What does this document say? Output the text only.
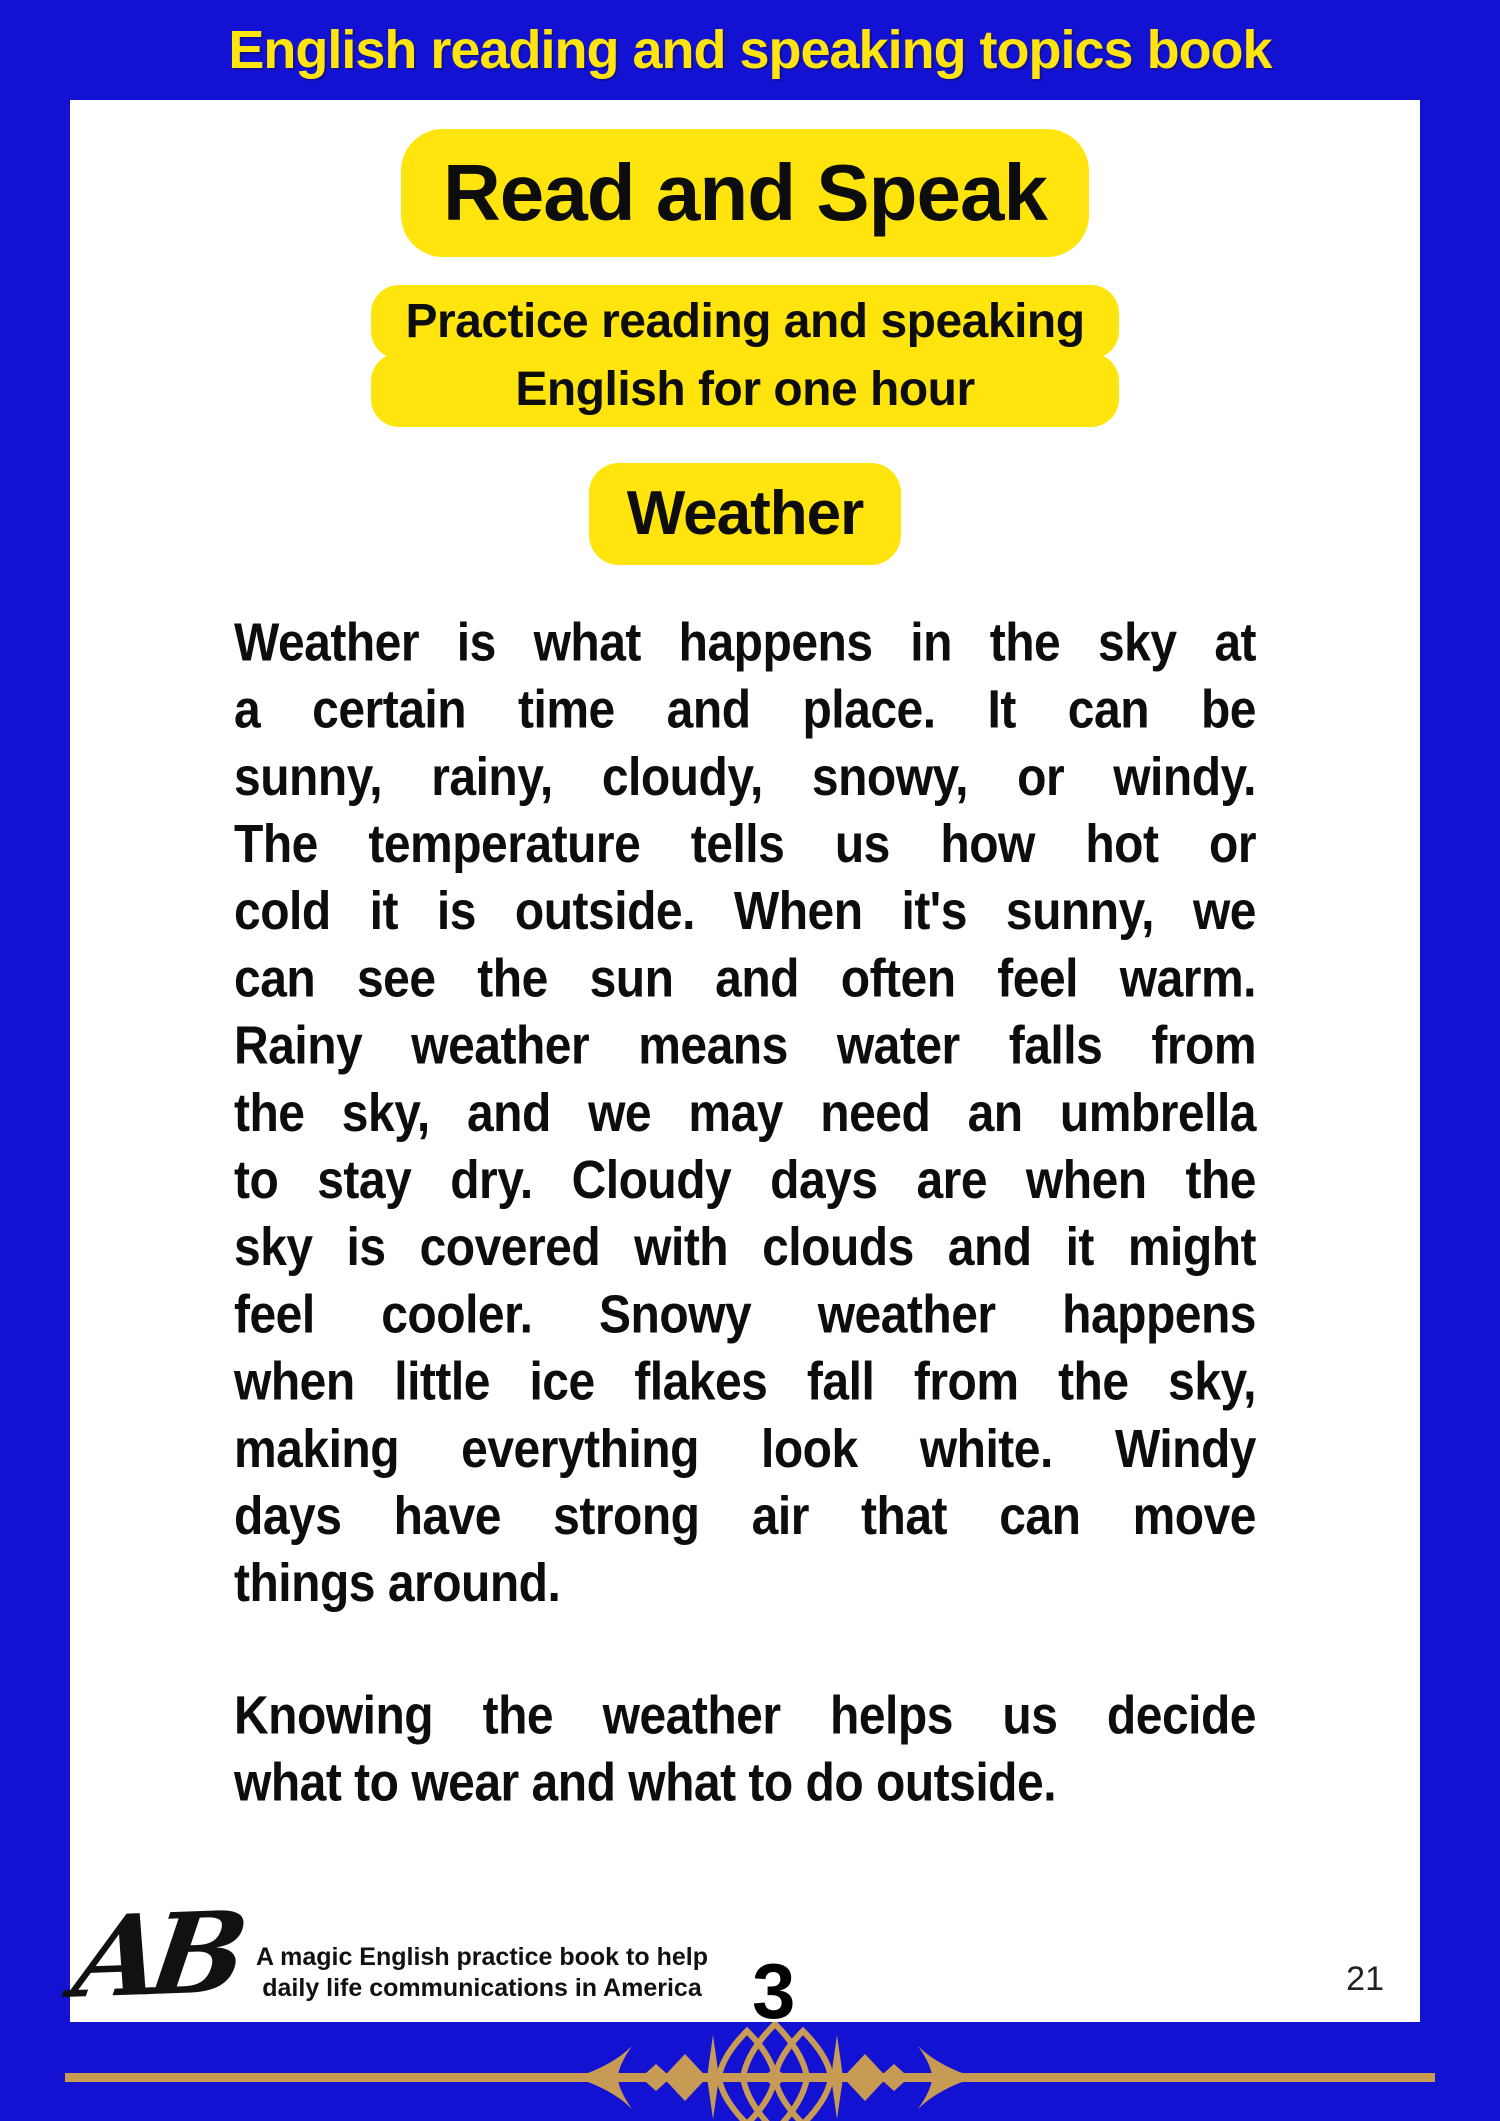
English reading and speaking topics book
Read and Speak
Practice reading and speaking
English for one hour
Weather
Weather is what happens in the sky at
a certain time and place. It can be
sunny, rainy, cloudy, snowy, or windy.
The temperature tells us how hot or
cold it is outside. When it's sunny, we
can see the sun and often feel warm.
Rainy weather means water falls from
the sky, and we may need an umbrella
to stay dry. Cloudy days are when the
sky is covered with clouds and it might
feel cooler. Snowy weather happens
when little ice flakes fall from the sky,
making everything look white. Windy
days have strong air that can move
things around.
Knowing the weather helps us decide
what to wear and what to do outside.
AB A magic English practice book to help
daily life communications in America 3	21
